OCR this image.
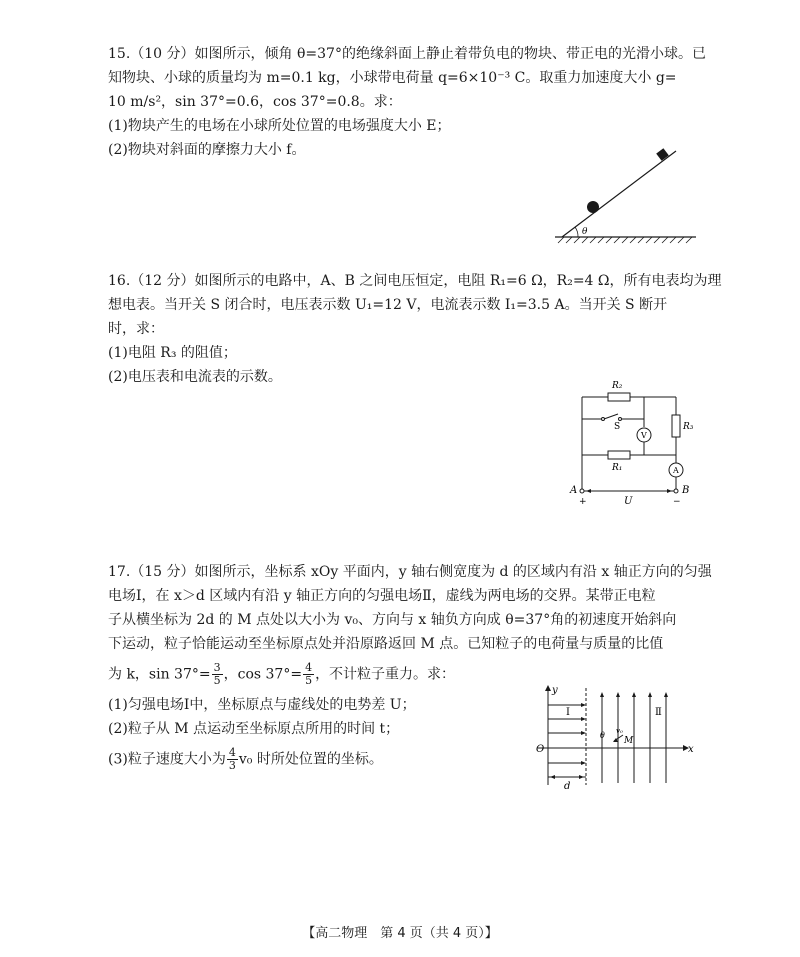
15.（10 分）如图所示，倾角 θ=37°的绝缘斜面上静止着带负电的物块、带正电的光滑小球。已

知物块、小球的质量均为 m=0.1 kg，小球带电荷量 q=6×10⁻³ C。取重力加速度大小 g=

10 m/s²，sin 37°=0.6，cos 37°=0.8。求：

(1)物块产生的电场在小球所处位置的电场强度大小 E；

(2)物块对斜面的摩擦力大小 f。

θ

16.（12 分）如图所示的电路中，A、B 之间电压恒定，电阻 R₁=6 Ω，R₂=4 Ω，所有电表均为理

想电表。当开关 S 闭合时，电压表示数 U₁=12 V，电流表示数 I₁=3.5 A。当开关 S 断开

时，求：

(1)电阻 R₃ 的阻值；

(2)电压表和电流表的示数。

R₂
R₃
R₁
S
V
A
A	B
+	−
U

17.（15 分）如图所示，坐标系 xOy 平面内，y 轴右侧宽度为 d 的区域内有沿 x 轴正方向的匀强

电场Ⅰ，在 x＞d 区域内有沿 y 轴正方向的匀强电场Ⅱ，虚线为两电场的交界。某带正电粒

子从横坐标为 2d 的 M 点处以大小为 v₀、方向与 x 轴负方向成 θ=37°角的初速度开始斜向

下运动，粒子恰能运动至坐标原点处并沿原路返回 M 点。已知粒子的电荷量与质量的比值

为 k，$\sin 37^\circ= \frac{3}{5}$ ，$\cos 37^\circ= \frac{4}{5}$ ，不计粒子重力。求：

(1)匀强电场Ⅰ中，坐标原点与虚线处的电势差 U；

(2)粒子从 M 点运动至坐标原点所用的时间 t；

(3)粒子速度大小为 $\frac{4}{3} v_0$ 时所处位置的坐标。

y
x
O
Ⅰ	Ⅱ
θ v₀
M
d
【高二物理　第 4 页（共 4 页）】
